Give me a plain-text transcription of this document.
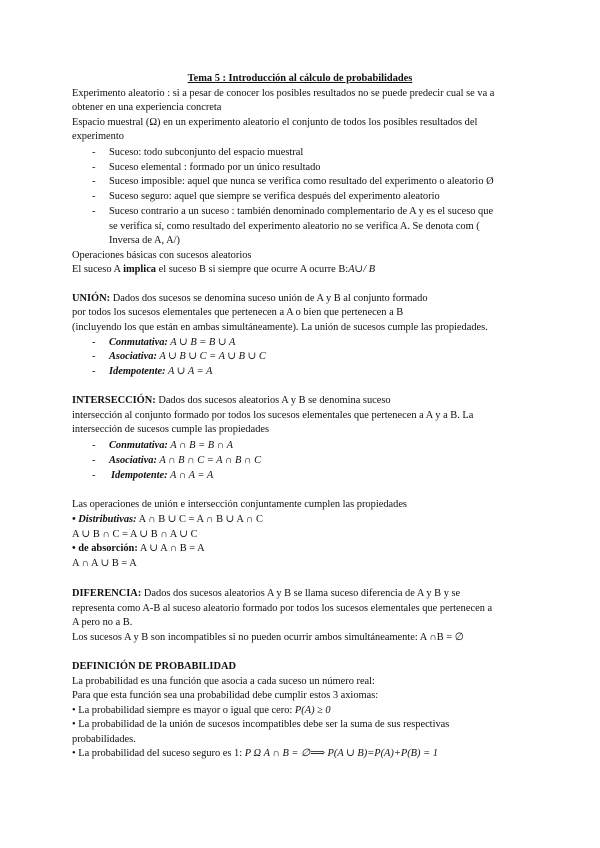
Tema 5 : Introducción al cálculo de probabilidades
Experimento aleatorio : si a pesar de conocer los posibles resultados no se puede predecir cual se va a
obtener en una experiencia concreta
Espacio muestral (Ω) en un experimento aleatorio el conjunto de todos los posibles resultados del
experimento
- Suceso: todo subconjunto del espacio muestral
- Suceso elemental : formado por un único resultado
- Suceso imposible: aquel que nunca se verifica como resultado del experimento o aleatorio Ø
- Suceso seguro: aquel que siempre se verifica después del experimento aleatorio
- Suceso contrario a un suceso : también denominado complementario de A y es el suceso que
se verifica sí, como resultado del experimento aleatorio no se verifica A. Se denota com (
Inversa de A, A/)
Operaciones básicas con sucesos aleatorios
El suceso A implica el suceso B si siempre que ocurre A ocurre B:A∪/ B
UNIÓN: Dados dos sucesos se denomina suceso unión de A y B al conjunto formado
por todos los sucesos elementales que pertenecen a A o bien que pertenecen a B
(incluyendo los que están en ambas simultáneamente). La unión de sucesos cumple las propiedades.
- Conmutativa: A ∪ B = B ∪ A
- Asociativa: A ∪ B ∪ C = A ∪ B ∪ C
- Idempotente: A ∪ A = A
INTERSECCIÓN: Dados dos sucesos aleatorios A y B se denomina suceso
intersección al conjunto formado por todos los sucesos elementales que pertenecen a A y a B. La
intersección de sucesos cumple las propiedades
- Conmutativa: A ∩ B = B ∩ A
- Asociativa: A ∩ B ∩ C = A ∩ B ∩ C
- Idempotente: A ∩ A = A
Las operaciones de unión e intersección conjuntamente cumplen las propiedades
• Distributivas: A ∩ B ∪ C = A ∩ B ∪ A ∩ C
A ∪ B ∩ C = A ∪ B ∩ A ∪ C
• de absorción: A ∪ A ∩ B = A
A ∩ A ∪ B = A
DIFERENCIA: Dados dos sucesos aleatorios A y B se llama suceso diferencia de A y B y se
representa como A-B al suceso aleatorio formado por todos los sucesos elementales que pertenecen a
A pero no a B.
Los sucesos A y B son incompatibles si no pueden ocurrir ambos simultáneamente: A ∩B = ∅
DEFINICIÓN DE PROBABILIDAD
La probabilidad es una función que asocia a cada suceso un número real:
Para que esta función sea una probabilidad debe cumplir estos 3 axiomas:
• La probabilidad siempre es mayor o igual que cero: P(A) ≥ 0
• La probabilidad de la unión de sucesos incompatibles debe ser la suma de sus respectivas
probabilidades.
• La probabilidad del suceso seguro es 1: P Ω A ∩ B = ∅⟹ P(A ∪ B)=P(A)+P(B) = 1
